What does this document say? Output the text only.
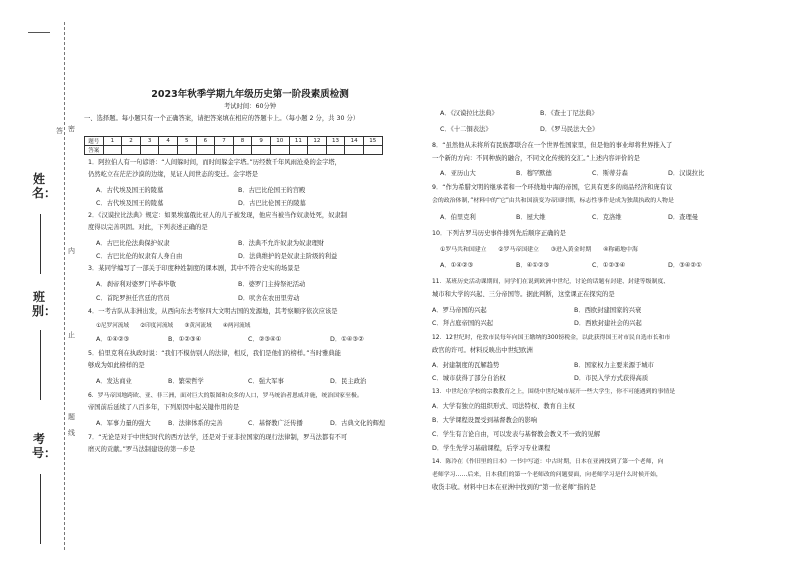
密
内
止
题
线
答
姓名：
班别：
考号：
2023年秋季学期九年级历史第一阶段素质检测
考试时间：60分钟
一、选择题。每小题只有一个正确答案，请把答案填在相应的答题卡上。（每小题 2 分，共 30 分）
题号	1	2	3	4	5	6	7	8	9	10	11	12	13	14	15
答案															
1．阿拉伯人有一句谚语：“人间躲时间，而时间躲金字塔。”历经数千年风雨沧桑的金字塔，
仍然屹立在茫茫沙漠的边缘，见证人间世态的变迁。金字塔是
A．古代埃及国王的陵墓	B．古巴比伦国王的宫殿
C．古代埃及国王的陵墓	D．古巴比伦国王的陵墓
2．《汉谟拉比法典》规定：如果埃塞俄比亚人的儿子被发现，他应当被当作奴隶处死，奴隶制
度得以完善巩固。对此，下列表述正确的是
A．古巴比伦法典保护奴隶	B．法典不允许奴隶为奴隶理财
C．古巴比伦的奴隶有人身自由	D．法典维护的是奴隶主阶级的利益
3．某同学编写了一部关于印度种姓制度的课本剧，其中不符合史实的场景是
A．刹帝利对婆罗门毕恭毕敬	B．婆罗门主持祭祀活动
C．首陀罗担任宫廷的官员	D．吠舍在农田里劳动
4．一考古队从非洲出发，从西向东去考察四大文明古国的发源地，其考察顺序依次应该是
①尼罗河流域　　②印度河流域　　③黄河流域　　④两河流域
A．①④②③	B．①②③④	C．②③④①	D．①④③②
5．伯里克利在执政时说：“我们不模仿别人的法律，相反，我们是他们的榜样。”当时雅典能
够成为如此榜样的是
A．发达商业	B．繁荣哲学	C．强大军事	D．民主政治
6．罗马帝国地跨欧、亚、非三洲，面对巨大的版图和众多的人口，罗马统治者恩威并施，统治国家至极。
帝国前后延续了八百多年，下列原因中起关键作用的是
A．军事力量的强大	B．法律体系的完善	C．基督教广泛传播	D．古典文化的辉煌
7．“无论是对于中世纪时代的西方法学，还是对于亚非拉国家的现行法律制，罗马法都有不可
磨灭的贡献。”罗马法制建设的第一步是
A．《汉谟拉比法典》	B．《查士丁尼法典》
C．《十二铜表法》	D．《罗马民法大全》
8．“虽然他从未将所有民族都联合在一个世界性国家里，但是他的事业却将世界推入了
一个新的方向：不同种族的融合，不同文化传统的交汇。”上述内容评价的是
A．亚历山大	B．穆罕默德	C．斯蒂芬森	D．汉谟拉比
9．“作为希腊文明的继承者和一个环绕地中海的帝国，它具有更多的商品经济和庞有议
会的政治体制，”材料中的“它”由共和国演变为帝国时期，标志性事件是成为独裁执政的人物是
A．伯里克利	B．屋大维	C．克洛维	D．查理曼
10．下列古罗马历史事件排列先后顺序正确的是
①罗马共和国建立　　②罗马帝国建立　　③进入黄金时期　　④称霸地中海
A．①④②③	B．④①②③	C．①②③④	D．③④②①
11．某班历史活动课期间，同学们在说到欧洲中世纪，讨论的话题有封建、封建等级制度、
城市和大学的兴起、三分帝国等。据此判断，这堂课正在探究的是
A．罗马帝国的兴起	B．西欧封建国家的兴衰
C．拜占庭帝国的兴起	D．西欧封建社会的兴起
12．12世纪时，伦敦市民每年向国王缴纳的300镑税金，以此获得国王对市民自选市长和市
政官的许可。材料反映出中世纪欧洲
A．封建制度的瓦解趋势	B．国家权力主要来源于城市
C．城市获得了部分自治权	D．市民入学方式获得高质
13．中世纪在学校的宗教教育之上，围绕中世纪城市展开一些大学生，你不可能遇到的事情是
A．大学有独立的组织形式、司法特权、教育自主权
B．大学课程设置受到基督教会的影响
C．学生有言论自由，可以发表与基督教会教义不一致的见解
D．学生先学习基础课程，后学习专业课程
14．陈冷在《作旧里的日本》一书中写道：中古时期，日本在亚洲找到了第一个老师，向
老师学习……后来，日本我们的第一个老师改的问题要面，向老师学习是什么时候开始，
收货丰收。材料中日本在亚洲中找到的“第一位老师”指的是
